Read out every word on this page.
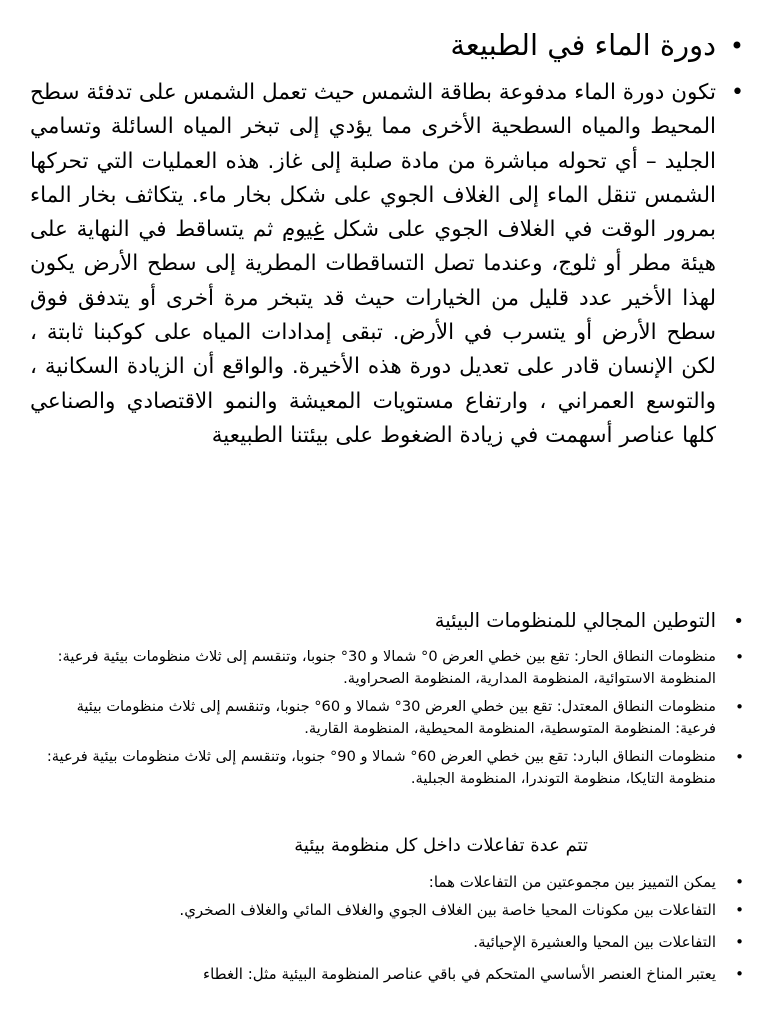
•
دورة الماء في الطبيعة
•
تكون دورة الماء مدفوعة بطاقة الشمس حيث تعمل الشمس على تدفئة سطح المحيط والمياه السطحية الأخرى مما يؤدي إلى تبخر المياه السائلة وتسامي الجليد – أي تحوله مباشرة من مادة صلبة إلى غاز. هذه العمليات التي تحركها الشمس تنقل الماء إلى الغلاف الجوي على شكل بخار ماء. يتكاثف بخار الماء بمرور الوقت في الغلاف الجوي على شكل غيوم ثم يتساقط في النهاية على هيئة مطر أو ثلوج، وعندما تصل التساقطات المطرية إلى سطح الأرض يكون لهذا الأخير عدد قليل من الخيارات حيث قد يتبخر مرة أخرى أو يتدفق فوق سطح الأرض أو يتسرب في الأرض. تبقى إمدادات المياه على كوكبنا ثابتة ، لكن الإنسان قادر على تعديل دورة هذه الأخيرة. والواقع أن الزيادة السكانية ، والتوسع العمراني ، وارتفاع مستويات المعيشة والنمو الاقتصادي والصناعي كلها عناصر أسهمت في زيادة الضغوط على بيئتنا الطبيعية
•
التوطين المجالي للمنظومات البيئية
•
منظومات النطاق الحار: تقع بين خطي العرض 0° شمالا و 30° جنوبا، وتنقسم إلى ثلاث منظومات بيئية فرعية: المنظومة الاستوائية، المنظومة المدارية، المنظومة الصحراوية.
•
منظومات النطاق المعتدل: تقع بين خطي العرض 30° شمالا و 60° جنوبا، وتنقسم إلى ثلاث منظومات بيئية فرعية: المنظومة المتوسطية، المنظومة المحيطية، المنظومة القارية.
•
منظومات النطاق البارد: تقع بين خطي العرض 60° شمالا و 90° جنوبا، وتنقسم إلى ثلاث منظومات بيئية فرعية: منظومة التايكا، منظومة التوندرا، المنظومة الجبلية.
تتم عدة تفاعلات داخل كل منظومة بيئية
•
يمكن التمييز بين مجموعتين من التفاعلات هما:
•
التفاعلات بين مكونات المحيا خاصة بين الغلاف الجوي والغلاف المائي والغلاف الصخري.
•
التفاعلات بين المحيا والعشيرة الإحيائية.
•
يعتبر المناخ العنصر الأساسي المتحكم في باقي عناصر المنظومة البيئية مثل: الغطاء
